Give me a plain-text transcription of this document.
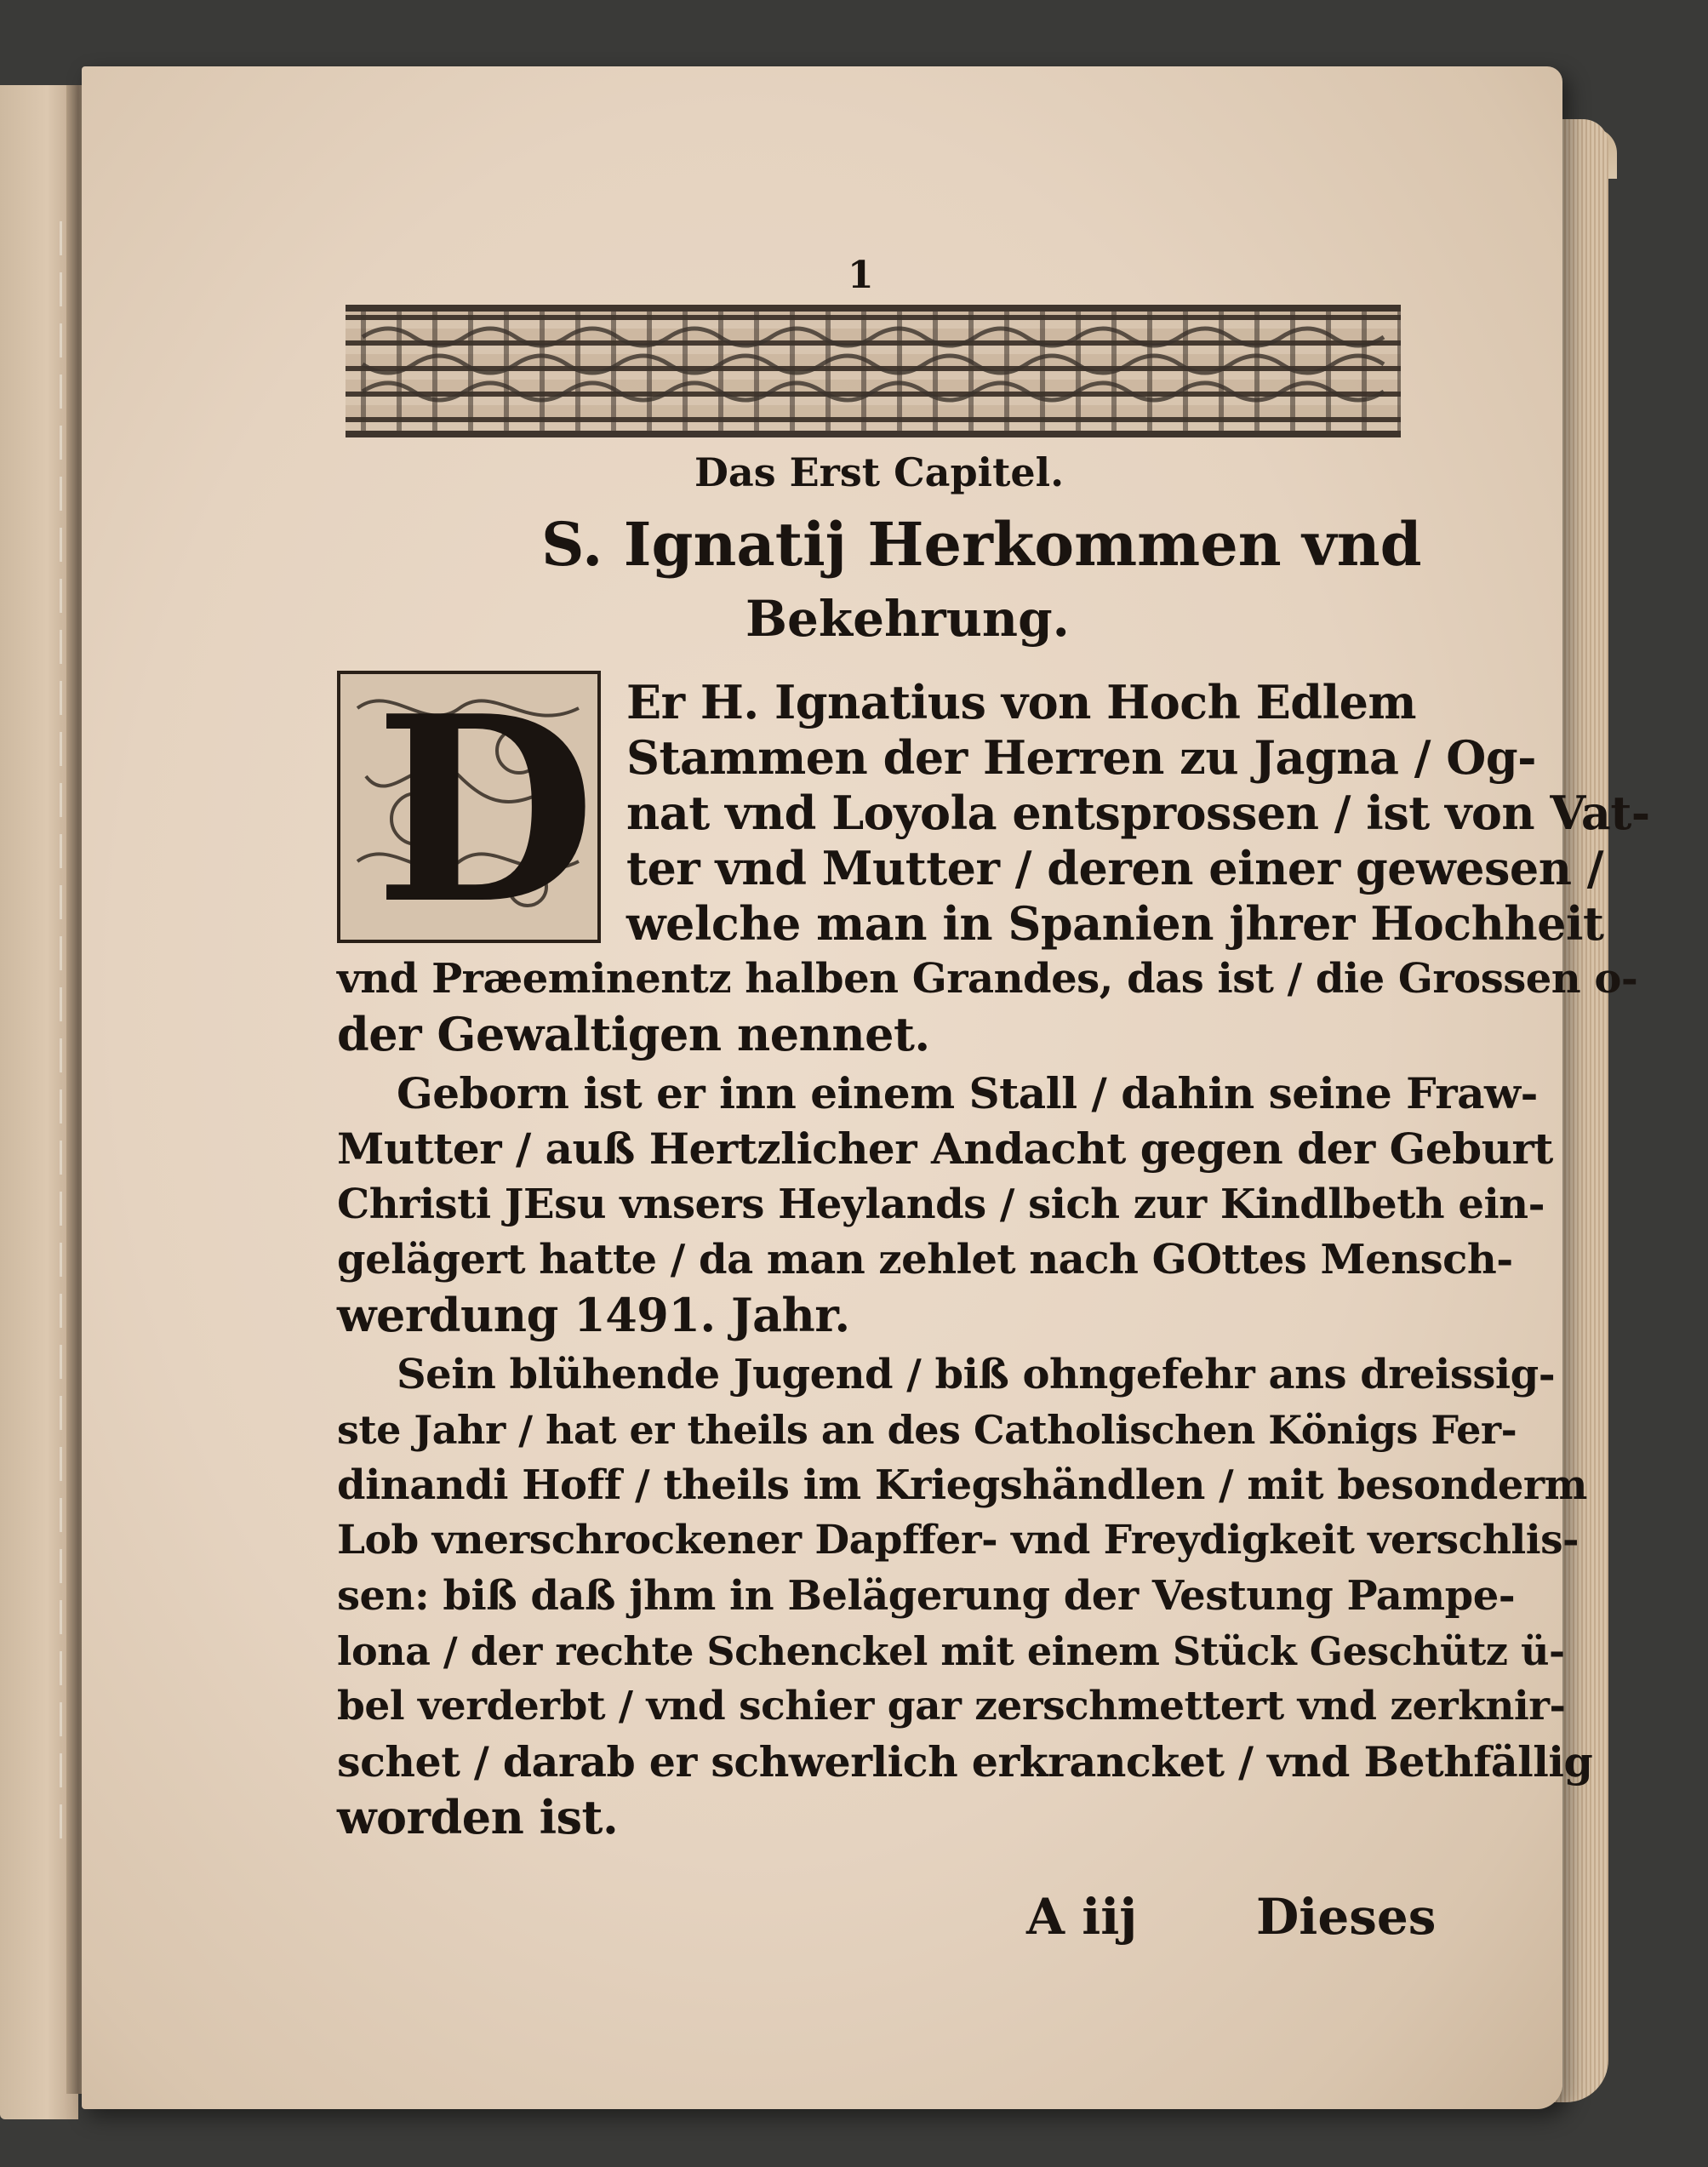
1
Das Erst Capitel.
S. Ignatij Herkommen vnd
Bekehrung.
D Er H. Ignatius von Hoch Edlem
Stammen der Herren zu Jagna / Og-
nat vnd Loyola entsprossen / ist von Vat-
ter vnd Mutter / deren einer gewesen /
welche man in Spanien jhrer Hochheit
vnd Præeminentz halben Grandes, das ist / die Grossen o-
der Gewaltigen nennet.
Geborn ist er inn einem Stall / dahin seine Fraw-
Mutter / auß Hertzlicher Andacht gegen der Geburt
Christi JEsu vnsers Heylands / sich zur Kindlbeth ein-
gelägert hatte / da man zehlet nach GOttes Mensch-
werdung 1491. Jahr.
Sein blühende Jugend / biß ohngefehr ans dreissig-
ste Jahr / hat er theils an des Catholischen Königs Fer-
dinandi Hoff / theils im Kriegshändlen / mit besonderm
Lob vnerschrockener Dapffer- vnd Freydigkeit verschlis-
sen: biß daß jhm in Belägerung der Vestung Pampe-
lona / der rechte Schenckel mit einem Stück Geschütz ü-
bel verderbt / vnd schier gar zerschmettert vnd zerknir-
schet / darab er schwerlich erkrancket / vnd Bethfällig
worden ist.
A iij Dieses
